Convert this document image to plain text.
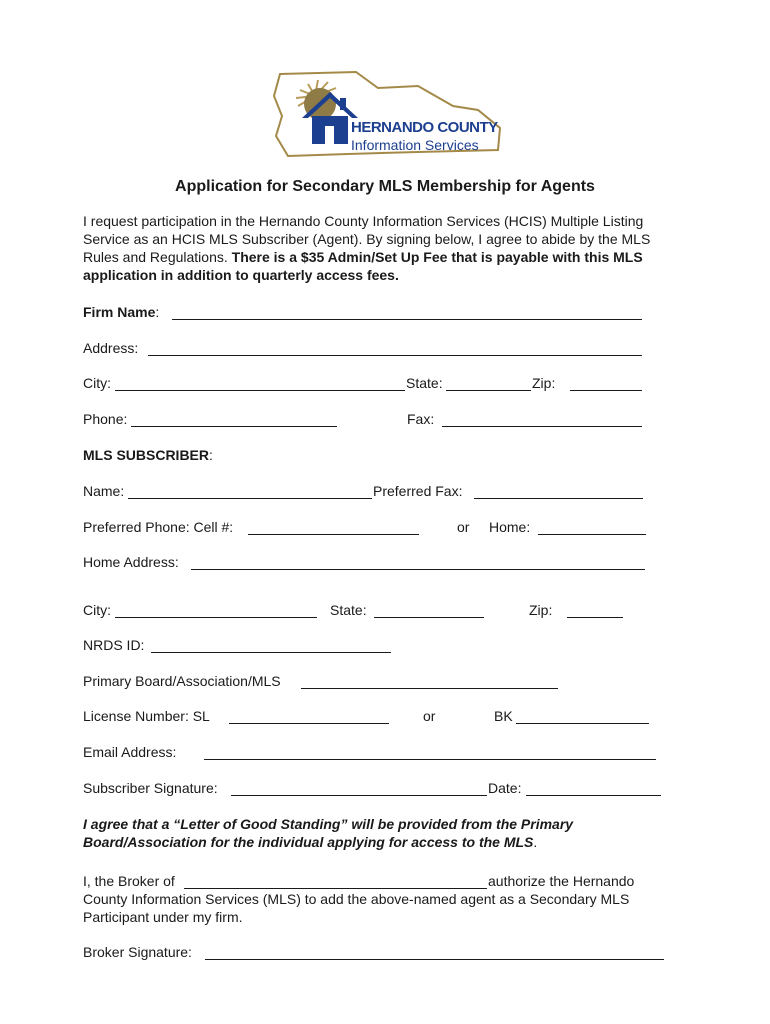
HERNANDO COUNTY
Information Services
Application for Secondary MLS Membership for Agents
I request participation in the Hernando County Information Services (HCIS) Multiple Listing Service as an HCIS MLS Subscriber (Agent). By signing below, I agree to abide by the MLS Rules and Regulations. There is a $35 Admin/Set Up Fee that is payable with this MLS application in addition to quarterly access fees.
Firm Name:
Address:
City:	State:	Zip:
Phone:	Fax:
MLS SUBSCRIBER:
Name:	Preferred Fax:
Preferred Phone: Cell #:	or Home:
Home Address:
City:	State:	Zip:
NRDS ID:
Primary Board/Association/MLS
License Number: SL	or	BK
Email Address:
Subscriber Signature:	Date:
I agree that a “Letter of Good Standing” will be provided from the Primary Board/Association for the individual applying for access to the MLS.
I, the Broker of	authorize the Hernando
County Information Services (MLS) to add the above-named agent as a Secondary MLS Participant under my firm.
Broker Signature:
